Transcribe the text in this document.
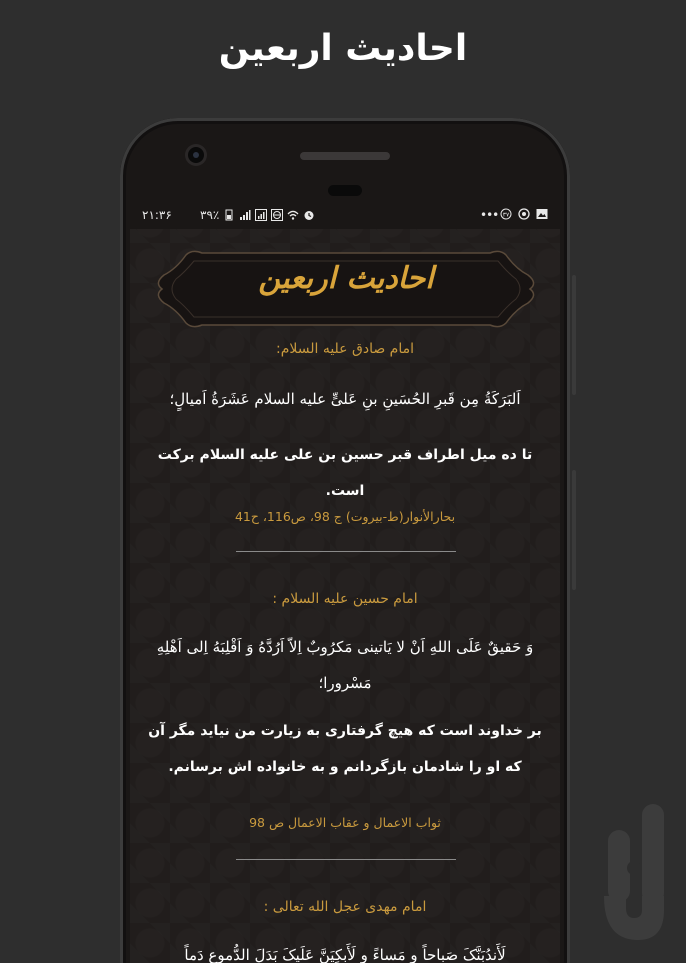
احادیث اربعین
۲۱:۳۶ ۳۹٪	••• ۳۷
احادیث اربعین
امام صادق علیه السلام:
اَلبَرَکَةُ مِن قَبرِ الحُسَینِ بنِ عَلیٍّ علیه السلام عَشَرَةُ اَمیالٍ؛
تا ده میل اطراف قبر حسین بن علی علیه السلام برکت است.
بحارالأنوار(ط-بیروت) ج 98، ص116، ح41
امام حسین علیه السلام :
وَ حَقیقٌ عَلَی اللهِ اَنْ لا یَاتینی مَکرُوبٌ اِلاّ اَرُدَّهُ وَ اَقْلِبَهُ اِلی اَهْلِهِ مَسْرورا؛
بر خداوند است که هیچ گرفتاری به زیارت من نیاید مگر آن که او را شادمان بازگردانم و به خانواده اش برسانم.
ثواب الاعمال و عقاب الاعمال ص 98
امام مهدی عجل الله تعالی :
لَأَندُبَنَّکَ صَباحاً و مَساءً و لَأَبکِیَنَّ عَلَیکَ بَدَلَ الدُّموعِ دَماً
